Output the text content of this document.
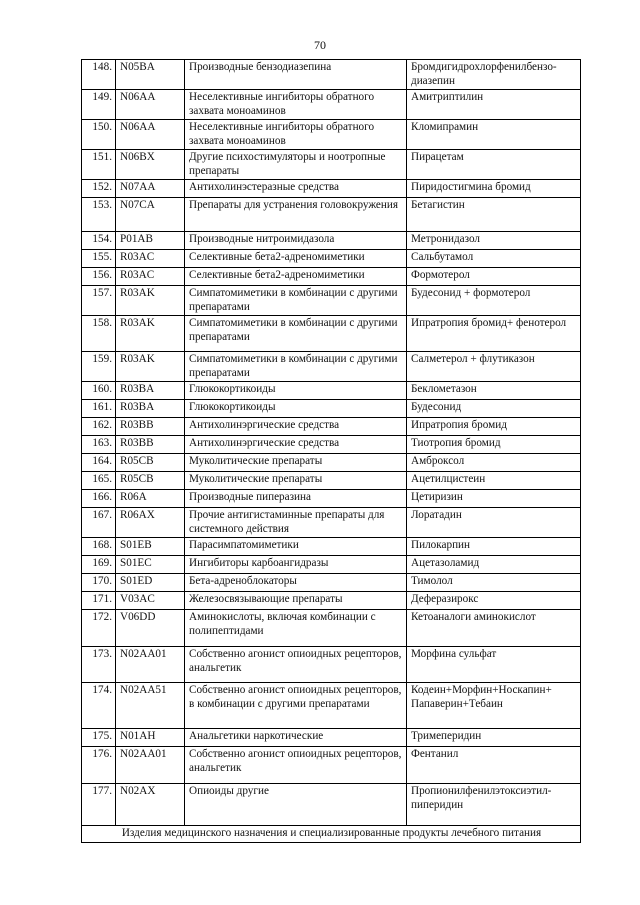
70
148.	N05BA	Производные бензодиазепина	Бромдигидрохлорфенилбензо-диазепин
149.	N06AA	Неселективные ингибиторы обратного захвата моноаминов	Амитриптилин
150.	N06AA	Неселективные ингибиторы обратного захвата моноаминов	Кломипрамин
151.	N06BX	Другие психостимуляторы и ноотропные препараты	Пирацетам
152.	N07AA	Антихолинэстеразные средства	Пиридостигмина бромид
153.	N07CA	Препараты для устранения головокружения	Бетагистин
154.	P01AB	Производные нитроимидазола	Метронидазол
155.	R03AC	Селективные бета2-адреномиметики	Сальбутамол
156.	R03AC	Селективные бета2-адреномиметики	Формотерол
157.	R03AK	Симпатомиметики в комбинации с другими препаратами	Будесонид + формотерол
158.	R03AK	Симпатомиметики в комбинации с другими препаратами	Ипратропия бромид+ фенотерол
159.	R03AK	Симпатомиметики в комбинации с другими препаратами	Салметерол + флутиказон
160.	R03BA	Глюкокортикоиды	Беклометазон
161.	R03BA	Глюкокортикоиды	Будесонид
162.	R03BB	Антихолинэргические средства	Ипратропия бромид
163.	R03BB	Антихолинэргические средства	Тиотропия бромид
164.	R05CB	Муколитические препараты	Амброксол
165.	R05CB	Муколитические препараты	Ацетилцистеин
166.	R06A	Производные пиперазина	Цетиризин
167.	R06AX	Прочие антигистаминные препараты для системного действия	Лоратадин
168.	S01EB	Парасимпатомиметики	Пилокарпин
169.	S01EC	Ингибиторы карбоангидразы	Ацетазоламид
170.	S01ED	Бета-адреноблокаторы	Тимолол
171.	V03AC	Железосвязывающие препараты	Деферазирокс
172.	V06DD	Аминокислоты, включая комбинации с полипептидами	Кетоаналоги аминокислот
173.	N02AA01	Собственно агонист опиоидных рецепторов, анальгетик	Морфина сульфат
174.	N02AA51	Собственно агонист опиоидных рецепторов, в комбинации с другими препаратами	Кодеин+Морфин+Носкапин+ Папаверин+Тебаин
175.	N01AH	Анальгетики наркотические	Тримеперидин
176.	N02AA01	Собственно агонист опиоидных рецепторов, анальгетик	Фентанил
177.	N02AX	Опиоиды другие	Пропионилфенилэтоксиэтил-пиперидин
Изделия медицинского назначения и специализированные продукты лечебного питания			
